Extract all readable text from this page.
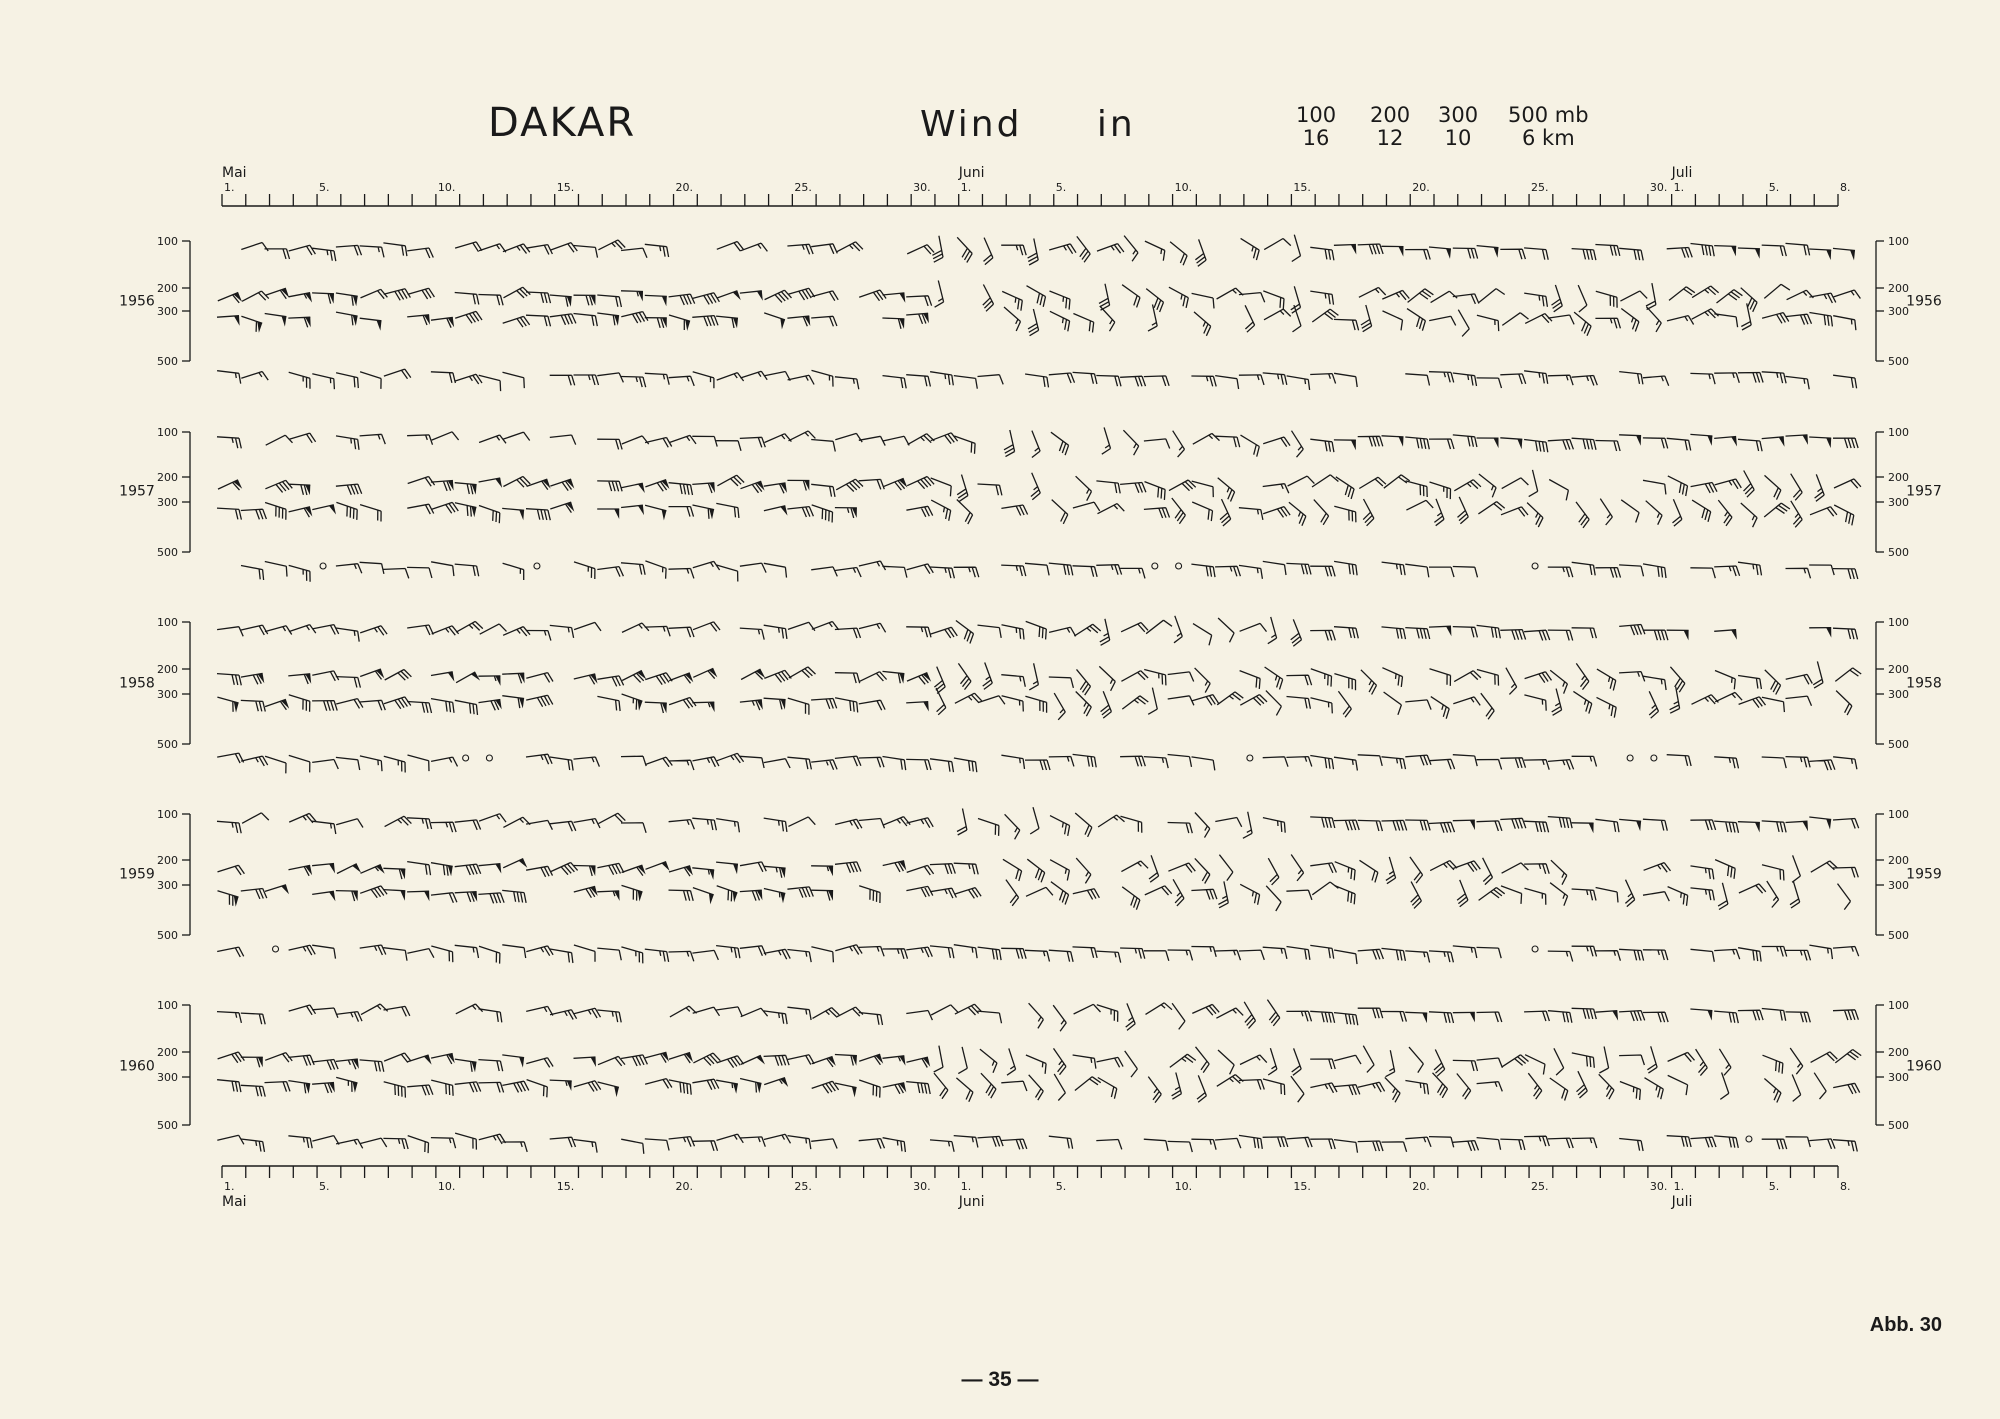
DAKAR	Wind in	100
16
200
12
300
10
500 mb
6 km
1.	5.	10.	15.	20.	25.	30.	1.	5.	10.	15.	20.	25.	30. 1.	5.	8.
Mai	Juni	Juli
1.	5.	10.	15.	20.	25.	30.	1.	5.	10.	15.	20.	25.	30. 1.	5.	8.
Mai	Juni	Juli
100	100
200	200
300	300
500	500
1956	1956
100	100
200	200
300	300
500	500
1957	1957
100	100
200	200
300	300
500	500
1958	1958
100	100
200	200
300	300
500	500
1959	1959
100	100
200	200
300	300
500	500
1960	1960
Abb. 30
— 35 —
